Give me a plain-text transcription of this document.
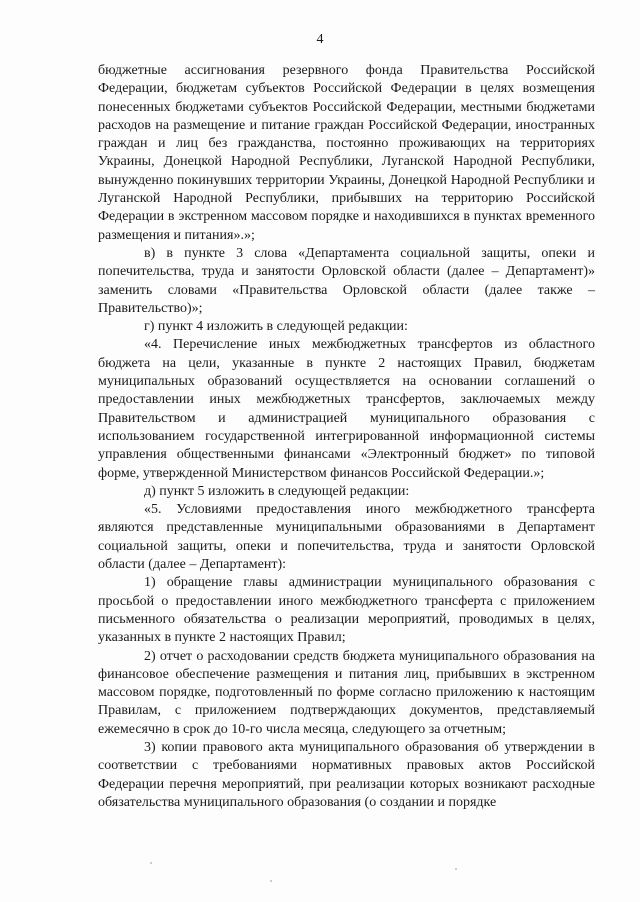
4

бюджетные ассигнования резервного фонда Правительства Российской Федерации, бюджетам субъектов Российской Федерации в целях возмещения понесенных бюджетами субъектов Российской Федерации, местными бюджетами расходов на размещение и питание граждан Российской Федерации, иностранных граждан и лиц без гражданства, постоянно проживающих на территориях Украины, Донецкой Народной Республики, Луганской Народной Республики, вынужденно покинувших территории Украины, Донецкой Народной Республики и Луганской Народной Республики, прибывших на территорию Российской Федерации в экстренном массовом порядке и находившихся в пунктах временного размещения и питания».»;

в) в пункте 3 слова «Департамента социальной защиты, опеки и попечительства, труда и занятости Орловской области (далее – Департамент)» заменить словами «Правительства Орловской области (далее также – Правительство)»;

г) пункт 4 изложить в следующей редакции:

«4. Перечисление иных межбюджетных трансфертов из областного бюджета на цели, указанные в пункте 2 настоящих Правил, бюджетам муниципальных образований осуществляется на основании соглашений о предоставлении иных межбюджетных трансфертов, заключаемых между Правительством и администрацией муниципального образования с использованием государственной интегрированной информационной системы управления общественными финансами «Электронный бюджет» по типовой форме, утвержденной Министерством финансов Российской Федерации.»;

д) пункт 5 изложить в следующей редакции:

«5. Условиями предоставления иного межбюджетного трансферта являются представленные муниципальными образованиями в Департамент социальной защиты, опеки и попечительства, труда и занятости Орловской области (далее – Департамент):

1) обращение главы администрации муниципального образования с просьбой о предоставлении иного межбюджетного трансферта с приложением письменного обязательства о реализации мероприятий, проводимых в целях, указанных в пункте 2 настоящих Правил;

2) отчет о расходовании средств бюджета муниципального образования на финансовое обеспечение размещения и питания лиц, прибывших в экстренном массовом порядке, подготовленный по форме согласно приложению к настоящим Правилам, с приложением подтверждающих документов, представляемый ежемесячно в срок до 10-го числа месяца, следующего за отчетным;

3) копии правового акта муниципального образования об утверждении в соответствии с требованиями нормативных правовых актов Российской Федерации перечня мероприятий, при реализации которых возникают расходные обязательства муниципального образования (о создании и порядке
